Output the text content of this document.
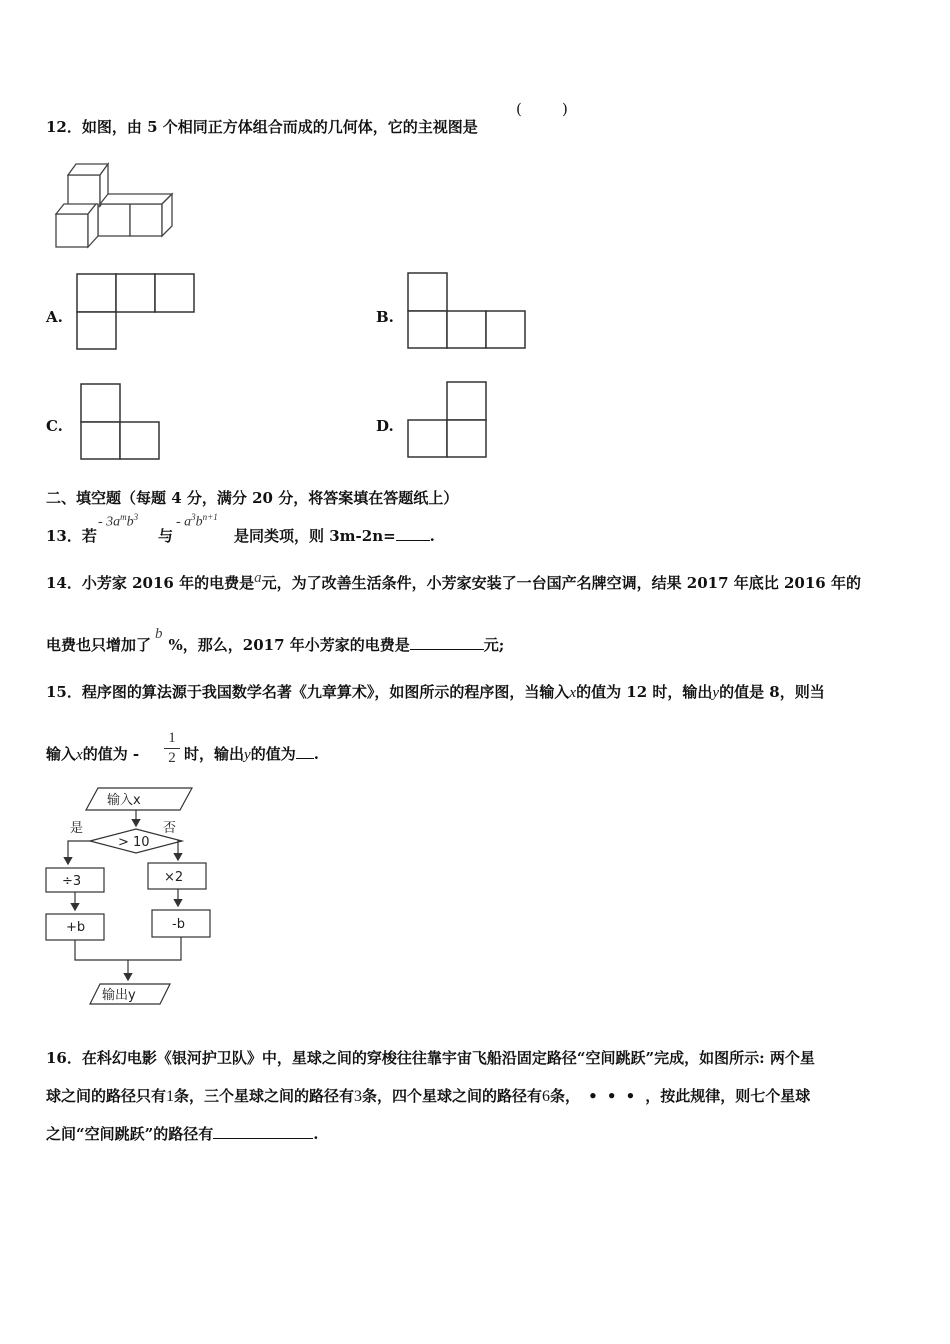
12．如图，由 5 个相同正方体组合而成的几何体，它的主视图是
(	)
A.	B.
C.	D.
二、填空题（每题 4 分，满分 20 分，将答案填在答题纸上）
13．若
- $3a^mb^3$
与
- $a^3b^{n+1}$
是同类项，则 3m-2n= .
14．小芳家 2016 年的电费是a元，为了改善生活条件，小芳家安装了一台国产名牌空调，结果 2017 年底比 2016 年的
电费也只增加了b%，那么，2017 年小芳家的电费是	元;
15．程序图的算法源于我国数学名著《九章算术》，如图所示的程序图，当输入x的值为 12 时，输出y的值是 8，则当
输入x的值为 -
1
2 时，输出y的值为 .
输入x
是	否
> 10
÷3
+b
×2
-b
输出y
16．在科幻电影《银河护卫队》中，星球之间的穿梭往往靠宇宙飞船沿固定路径“空间跳跃”完成，如图所示: 两个星
球之间的路径只有1条，三个星球之间的路径有3条，四个星球之间的路径有6条， • • • ，按此规律，则七个星球
之间“空间跳跃”的路径有	.
